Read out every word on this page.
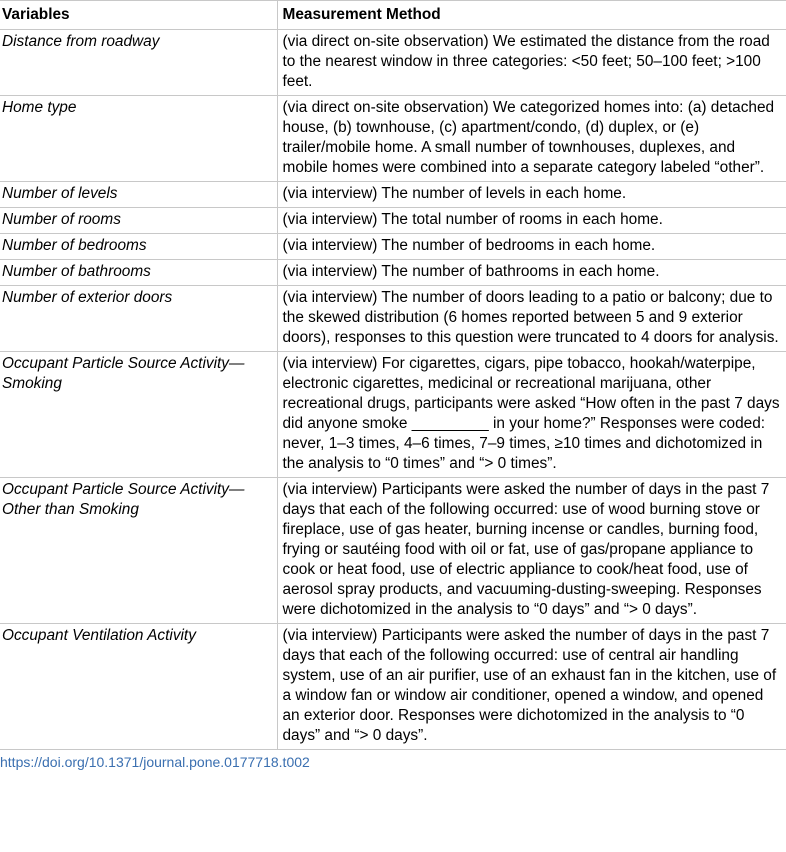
Variables	Measurement Method
Distance from roadway	(via direct on-site observation) We estimated the distance from the road to the nearest window in three categories: <50 feet; 50–100 feet; >100 feet.
Home type	(via direct on-site observation) We categorized homes into: (a) detached house, (b) townhouse, (c) apartment/condo, (d) duplex, or (e) trailer/mobile home. A small number of townhouses, duplexes, and mobile homes were combined into a separate category labeled “other”.
Number of levels	(via interview) The number of levels in each home.
Number of rooms	(via interview) The total number of rooms in each home.
Number of bedrooms	(via interview) The number of bedrooms in each home.
Number of bathrooms	(via interview) The number of bathrooms in each home.
Number of exterior doors	(via interview) The number of doors leading to a patio or balcony; due to the skewed distribution (6 homes reported between 5 and 9 exterior doors), responses to this question were truncated to 4 doors for analysis.
Occupant Particle Source Activity—Smoking	(via interview) For cigarettes, cigars, pipe tobacco, hookah/waterpipe, electronic cigarettes, medicinal or recreational marijuana, other recreational drugs, participants were asked “How often in the past 7 days did anyone smoke _________ in your home?” Responses were coded: never, 1–3 times, 4–6 times, 7–9 times, ≥10 times and dichotomized in the analysis to “0 times” and “> 0 times”.
Occupant Particle Source Activity—Other than Smoking	(via interview) Participants were asked the number of days in the past 7 days that each of the following occurred: use of wood burning stove or fireplace, use of gas heater, burning incense or candles, burning food, frying or sautéing food with oil or fat, use of gas/propane appliance to cook or heat food, use of electric appliance to cook/heat food, use of aerosol spray products, and vacuuming-dusting-sweeping. Responses were dichotomized in the analysis to “0 days” and “> 0 days”.
Occupant Ventilation Activity	(via interview) Participants were asked the number of days in the past 7 days that each of the following occurred: use of central air handling system, use of an air purifier, use of an exhaust fan in the kitchen, use of a window fan or window air conditioner, opened a window, and opened an exterior door. Responses were dichotomized in the analysis to “0 days” and “> 0 days”.

https://doi.org/10.1371/journal.pone.0177718.t002
